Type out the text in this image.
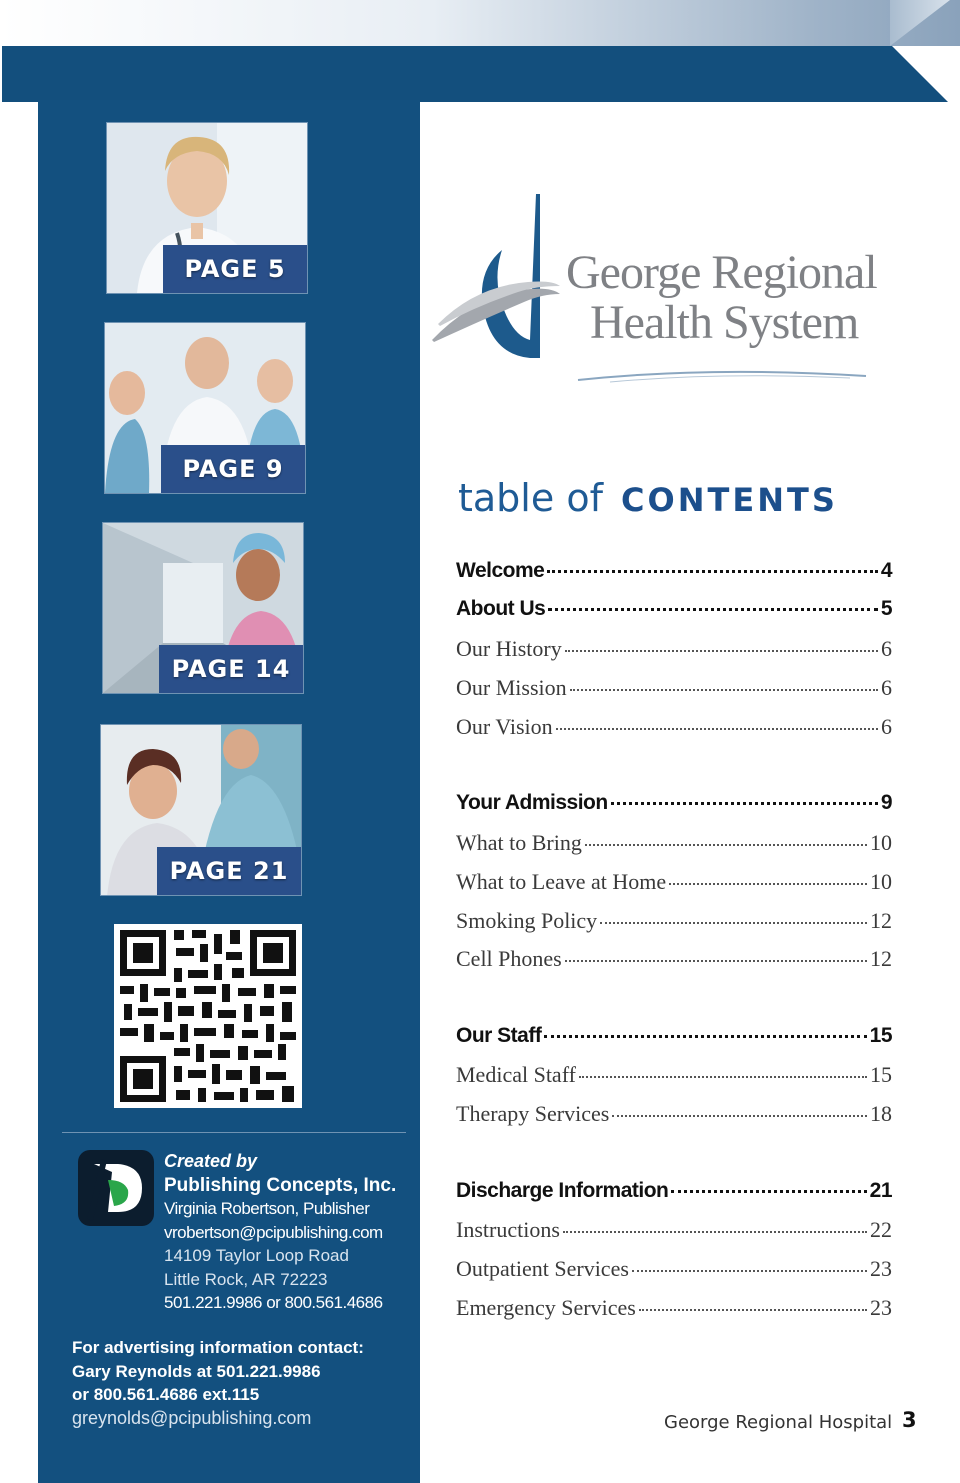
PAGE 5
PAGE 9
PAGE 14
PAGE 21
Created by
Publishing Concepts, Inc.
Virginia Robertson, Publisher
vrobertson@pcipublishing.com
14109 Taylor Loop Road
Little Rock, AR 72223
501.221.9986 or 800.561.4686
For advertising information contact:
Gary Reynolds at 501.221.9986
or 800.561.4686 ext.115
greynolds@pcipublishing.com
George Regional
Health System
table of CONTENTS
Welcome	4
About Us	5
Our History	6
Our Mission	6
Our Vision	6
Your Admission	9
What to Bring	10
What to Leave at Home	10
Smoking Policy	12
Cell Phones	12
Our Staff	15
Medical Staff	15
Therapy Services	18
Discharge Information	21
Instructions	22
Outpatient Services	23
Emergency Services	23
George Regional Hospital 3
